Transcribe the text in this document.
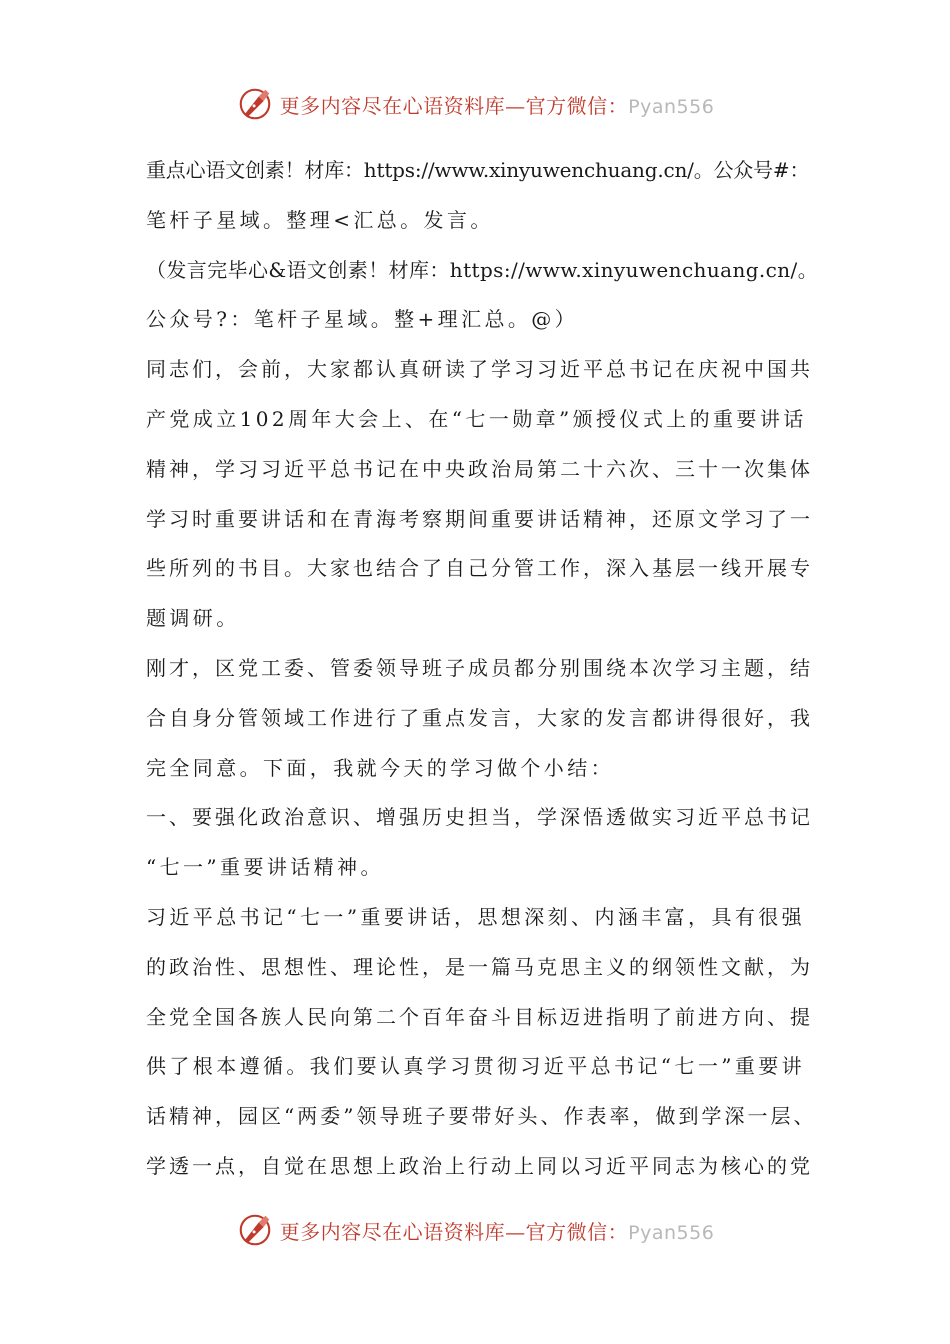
更多内容尽在心语资料库—官方微信：Pyan556
重点心语文创素！材库：https://www.xinyuwenchuang.cn/。公众号#：
笔杆子星域。整理<汇总。发言。
（发言完毕心&语文创素！材库：https://www.xinyuwenchuang.cn/。
公众号?：笔杆子星域。整+理汇总。@）
同志们，会前，大家都认真研读了学习习近平总书记在庆祝中国共
产党成立102周年大会上、在“七一勋章”颁授仪式上的重要讲话
精神，学习习近平总书记在中央政治局第二十六次、三十一次集体
学习时重要讲话和在青海考察期间重要讲话精神，还原文学习了一
些所列的书目。大家也结合了自己分管工作，深入基层一线开展专
题调研。
刚才，区党工委、管委领导班子成员都分别围绕本次学习主题，结
合自身分管领域工作进行了重点发言，大家的发言都讲得很好，我
完全同意。下面，我就今天的学习做个小结：
一、要强化政治意识、增强历史担当，学深悟透做实习近平总书记
“七一”重要讲话精神。
习近平总书记“七一”重要讲话，思想深刻、内涵丰富，具有很强
的政治性、思想性、理论性，是一篇马克思主义的纲领性文献，为
全党全国各族人民向第二个百年奋斗目标迈进指明了前进方向、提
供了根本遵循。我们要认真学习贯彻习近平总书记“七一”重要讲
话精神，园区“两委”领导班子要带好头、作表率，做到学深一层、
学透一点，自觉在思想上政治上行动上同以习近平同志为核心的党
更多内容尽在心语资料库—官方微信：Pyan556
